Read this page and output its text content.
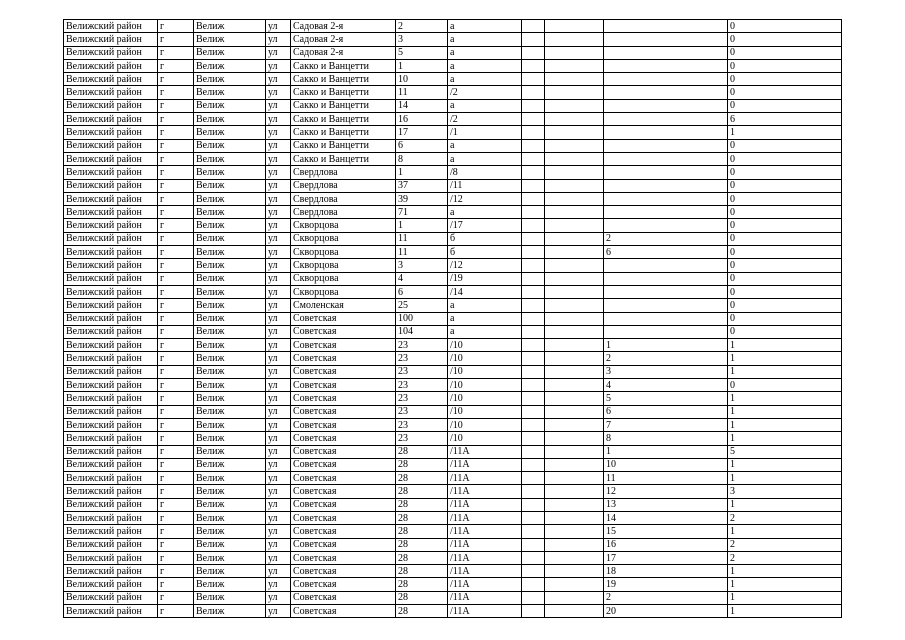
Велижский район	г	Велиж	ул	Садовая 2-я	2	а				0
Велижский район	г	Велиж	ул	Садовая 2-я	3	а				0
Велижский район	г	Велиж	ул	Садовая 2-я	5	а				0
Велижский район	г	Велиж	ул	Сакко и Ванцетти	1	а				0
Велижский район	г	Велиж	ул	Сакко и Ванцетти	10	а				0
Велижский район	г	Велиж	ул	Сакко и Ванцетти	11	/2				0
Велижский район	г	Велиж	ул	Сакко и Ванцетти	14	а				0
Велижский район	г	Велиж	ул	Сакко и Ванцетти	16	/2				6
Велижский район	г	Велиж	ул	Сакко и Ванцетти	17	/1				1
Велижский район	г	Велиж	ул	Сакко и Ванцетти	6	а				0
Велижский район	г	Велиж	ул	Сакко и Ванцетти	8	а				0
Велижский район	г	Велиж	ул	Свердлова	1	/8				0
Велижский район	г	Велиж	ул	Свердлова	37	/11				0
Велижский район	г	Велиж	ул	Свердлова	39	/12				0
Велижский район	г	Велиж	ул	Свердлова	71	а				0
Велижский район	г	Велиж	ул	Скворцова	1	/17				0
Велижский район	г	Велиж	ул	Скворцова	11	б			2	0
Велижский район	г	Велиж	ул	Скворцова	11	б			6	0
Велижский район	г	Велиж	ул	Скворцова	3	/12				0
Велижский район	г	Велиж	ул	Скворцова	4	/19				0
Велижский район	г	Велиж	ул	Скворцова	6	/14				0
Велижский район	г	Велиж	ул	Смоленская	25	а				0
Велижский район	г	Велиж	ул	Советская	100	а				0
Велижский район	г	Велиж	ул	Советская	104	а				0
Велижский район	г	Велиж	ул	Советская	23	/10			1	1
Велижский район	г	Велиж	ул	Советская	23	/10			2	1
Велижский район	г	Велиж	ул	Советская	23	/10			3	1
Велижский район	г	Велиж	ул	Советская	23	/10			4	0
Велижский район	г	Велиж	ул	Советская	23	/10			5	1
Велижский район	г	Велиж	ул	Советская	23	/10			6	1
Велижский район	г	Велиж	ул	Советская	23	/10			7	1
Велижский район	г	Велиж	ул	Советская	23	/10			8	1
Велижский район	г	Велиж	ул	Советская	28	/11А			1	5
Велижский район	г	Велиж	ул	Советская	28	/11А			10	1
Велижский район	г	Велиж	ул	Советская	28	/11А			11	1
Велижский район	г	Велиж	ул	Советская	28	/11А			12	3
Велижский район	г	Велиж	ул	Советская	28	/11А			13	1
Велижский район	г	Велиж	ул	Советская	28	/11А			14	2
Велижский район	г	Велиж	ул	Советская	28	/11А			15	1
Велижский район	г	Велиж	ул	Советская	28	/11А			16	2
Велижский район	г	Велиж	ул	Советская	28	/11А			17	2
Велижский район	г	Велиж	ул	Советская	28	/11А			18	1
Велижский район	г	Велиж	ул	Советская	28	/11А			19	1
Велижский район	г	Велиж	ул	Советская	28	/11А			2	1
Велижский район	г	Велиж	ул	Советская	28	/11А			20	1
